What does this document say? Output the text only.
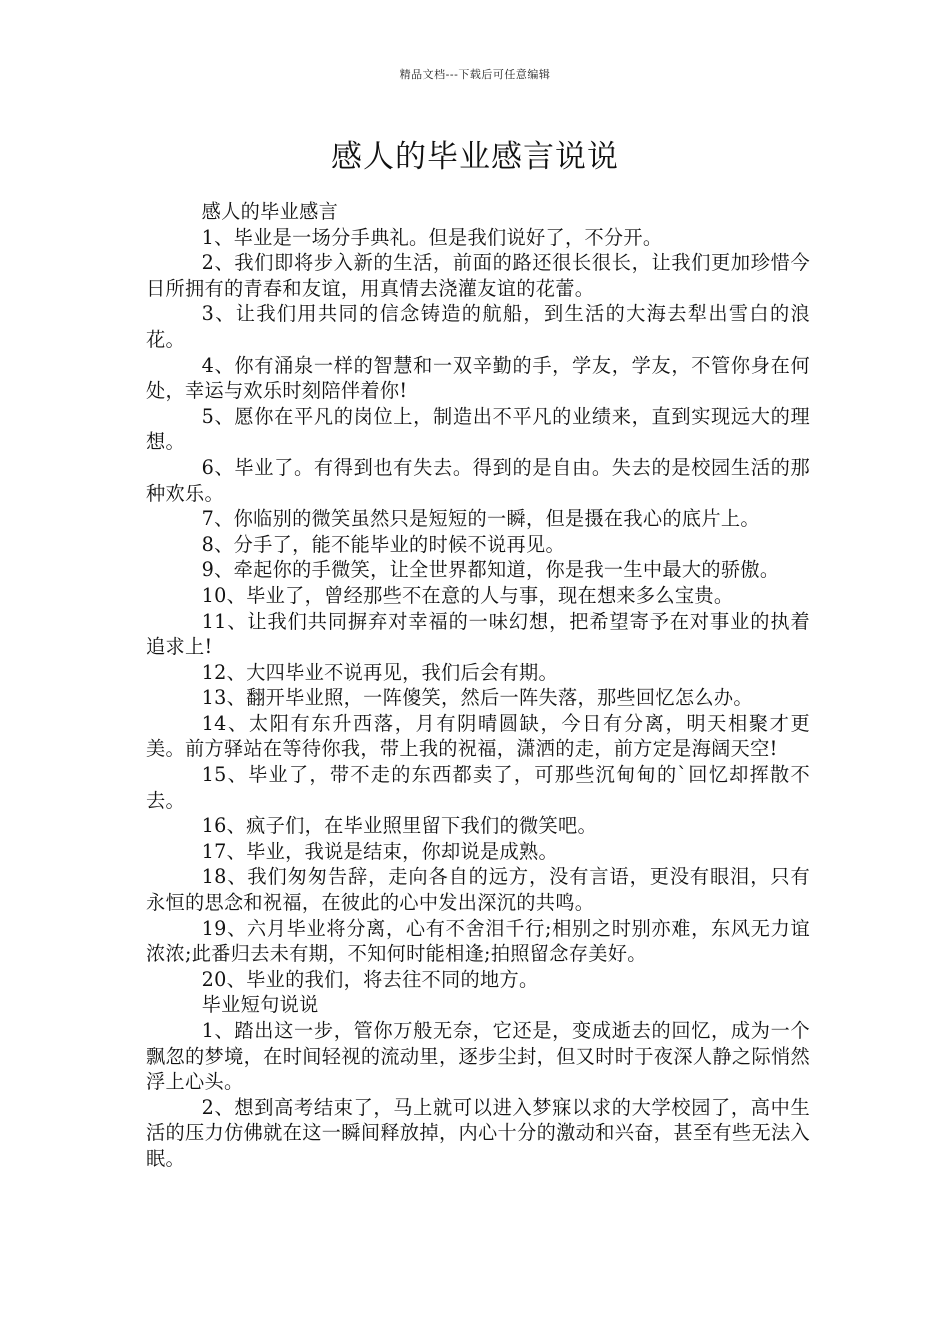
精品文档---下载后可任意编辑
感人的毕业感言说说

感人的毕业感言

1、毕业是一场分手典礼。但是我们说好了，不分开。

2、我们即将步入新的生活，前面的路还很长很长，让我们更加珍惜今日所拥有的青春和友谊，用真情去浇灌友谊的花蕾。

3、让我们用共同的信念铸造的航船，到生活的大海去犁出雪白的浪花。

4、你有涌泉一样的智慧和一双辛勤的手，学友，学友，不管你身在何处，幸运与欢乐时刻陪伴着你!

5、愿你在平凡的岗位上，制造出不平凡的业绩来，直到实现远大的理想。

6、毕业了。有得到也有失去。得到的是自由。失去的是校园生活的那种欢乐。

7、你临别的微笑虽然只是短短的一瞬，但是摄在我心的底片上。

8、分手了，能不能毕业的时候不说再见。

9、牵起你的手微笑，让全世界都知道，你是我一生中最大的骄傲。

10、毕业了，曾经那些不在意的人与事，现在想来多么宝贵。

11、让我们共同摒弃对幸福的一味幻想，把希望寄予在对事业的执着追求上!

12、大四毕业不说再见，我们后会有期。

13、翻开毕业照，一阵傻笑，然后一阵失落，那些回忆怎么办。

14、太阳有东升西落，月有阴晴圆缺，今日有分离，明天相聚才更美。前方驿站在等待你我，带上我的祝福，潇洒的走，前方定是海阔天空!

15、毕业了，带不走的东西都卖了，可那些沉甸甸的`回忆却挥散不去。

16、疯子们，在毕业照里留下我们的微笑吧。

17、毕业，我说是结束，你却说是成熟。

18、我们匆匆告辞，走向各自的远方，没有言语，更没有眼泪，只有永恒的思念和祝福，在彼此的心中发出深沉的共鸣。

19、六月毕业将分离，心有不舍泪千行;相别之时别亦难，东风无力谊浓浓;此番归去未有期，不知何时能相逢;拍照留念存美好。

20、毕业的我们，将去往不同的地方。

毕业短句说说

1、踏出这一步，管你万般无奈，它还是，变成逝去的回忆，成为一个飘忽的梦境，在时间轻视的流动里，逐步尘封，但又时时于夜深人静之际悄然浮上心头。

2、想到高考结束了，马上就可以进入梦寐以求的大学校园了，高中生活的压力仿佛就在这一瞬间释放掉，内心十分的激动和兴奋，甚至有些无法入眠。
